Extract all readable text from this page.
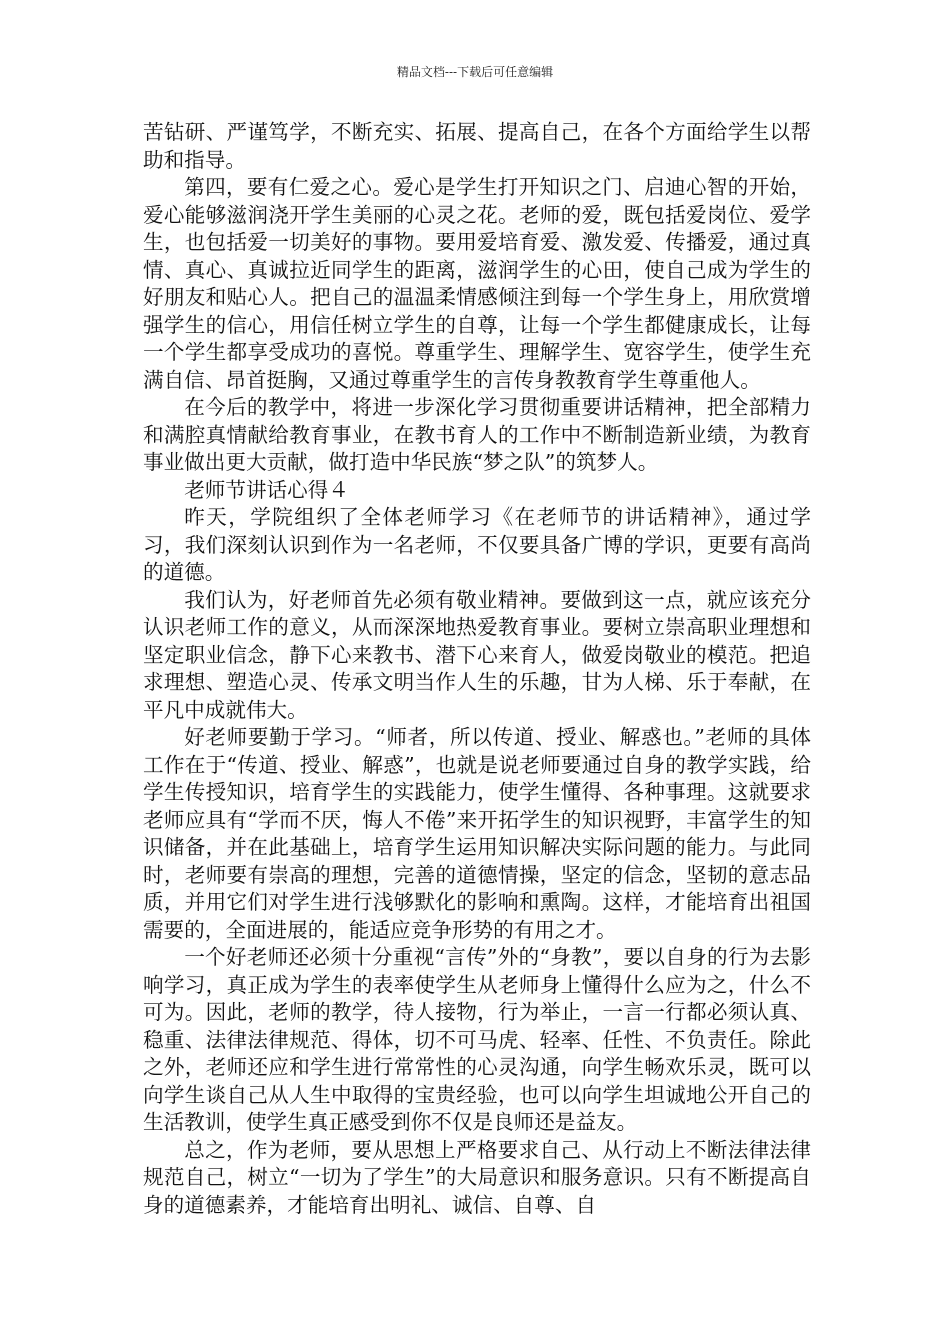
精品文档---下载后可任意编辑

苦钻研、严谨笃学，不断充实、拓展、提高自己，在各个方面给学生以帮助和指导。

第四，要有仁爱之心。爱心是学生打开知识之门、启迪心智的开始，爱心能够滋润浇开学生美丽的心灵之花。老师的爱，既包括爱岗位、爱学生，也包括爱一切美好的事物。要用爱培育爱、激发爱、传播爱，通过真情、真心、真诚拉近同学生的距离，滋润学生的心田，使自己成为学生的好朋友和贴心人。把自己的温温柔情感倾注到每一个学生身上，用欣赏增强学生的信心，用信任树立学生的自尊，让每一个学生都健康成长，让每一个学生都享受成功的喜悦。尊重学生、理解学生、宽容学生，使学生充满自信、昂首挺胸，又通过尊重学生的言传身教教育学生尊重他人。

在今后的教学中，将进一步深化学习贯彻重要讲话精神，把全部精力和满腔真情献给教育事业，在教书育人的工作中不断制造新业绩，为教育事业做出更大贡献，做打造中华民族“梦之队”的筑梦人。

老师节讲话心得４

昨天，学院组织了全体老师学习《在老师节的讲话精神》，通过学习，我们深刻认识到作为一名老师，不仅要具备广博的学识，更要有高尚的道德。

我们认为，好老师首先必须有敬业精神。要做到这一点，就应该充分认识老师工作的意义，从而深深地热爱教育事业。要树立崇高职业理想和坚定职业信念，静下心来教书、潜下心来育人，做爱岗敬业的模范。把追求理想、塑造心灵、传承文明当作人生的乐趣，甘为人梯、乐于奉献，在平凡中成就伟大。

好老师要勤于学习。“师者，所以传道、授业、解惑也。”老师的具体工作在于“传道、授业、解惑”，也就是说老师要通过自身的教学实践，给学生传授知识，培育学生的实践能力，使学生懂得、各种事理。这就要求老师应具有“学而不厌，悔人不倦”来开拓学生的知识视野，丰富学生的知识储备，并在此基础上，培育学生运用知识解决实际问题的能力。与此同时，老师要有崇高的理想，完善的道德情操，坚定的信念，坚韧的意志品质，并用它们对学生进行浅够默化的影响和熏陶。这样，才能培育出祖国需要的，全面进展的，能适应竞争形势的有用之才。

一个好老师还必须十分重视“言传”外的“身教”，要以自身的行为去影响学习，真正成为学生的表率使学生从老师身上懂得什么应为之，什么不可为。因此，老师的教学，待人接物，行为举止，一言一行都必须认真、稳重、法律法律规范、得体，切不可马虎、轻率、任性、不负责任。除此之外，老师还应和学生进行常常性的心灵沟通，向学生畅欢乐灵，既可以向学生谈自己从人生中取得的宝贵经验，也可以向学生坦诚地公开自己的生活教训，使学生真正感受到你不仅是良师还是益友。

总之，作为老师，要从思想上严格要求自己、从行动上不断法律法律规范自己，树立“一切为了学生”的大局意识和服务意识。只有不断提高自身的道德素养，才能培育出明礼、诚信、自尊、自
